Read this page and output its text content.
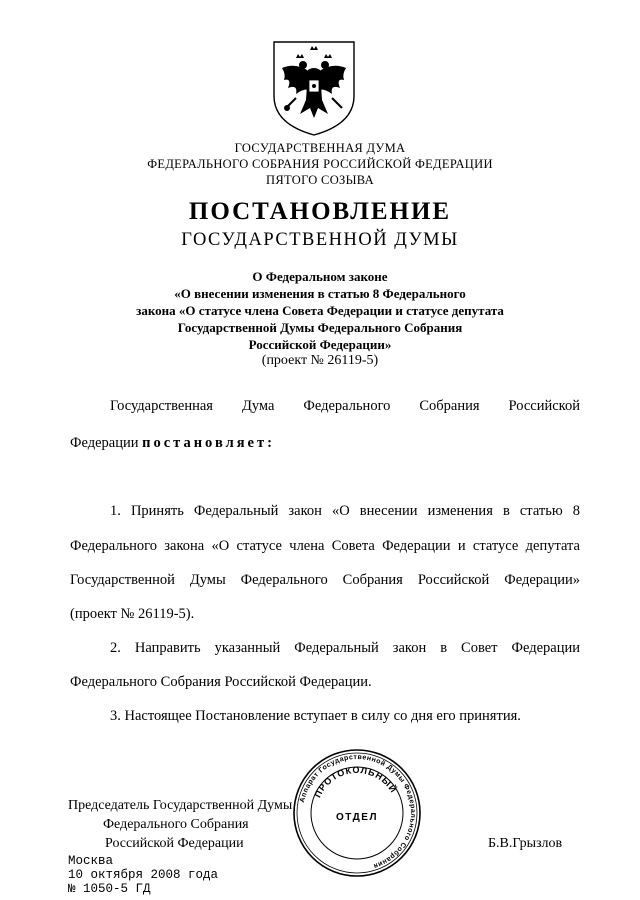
ГОСУДАРСТВЕННАЯ ДУМА
ФЕДЕРАЛЬНОГО СОБРАНИЯ РОССИЙСКОЙ ФЕДЕРАЦИИ
ПЯТОГО СОЗЫВА
ПОСТАНОВЛЕНИЕ
ГОСУДАРСТВЕННОЙ ДУМЫ
О Федеральном законе
«О внесении изменения в статью 8 Федерального
закона «О статусе члена Совета Федерации и статусе депутата
Государственной Думы Федерального Собрания
Российской Федерации»
(проект № 26119-5)
Государственная Дума Федерального Собрания Российской
Федерации постановляет:
1. Принять Федеральный закон «О внесении изменения в статью 8
Федерального закона «О статусе члена Совета Федерации и статусе депутата
Государственной Думы Федерального Собрания Российской Федерации»
(проект № 26119-5).
2. Направить указанный Федеральный закон в Совет Федерации
Федерального Собрания Российской Федерации.
3. Настоящее Постановление вступает в силу со дня его принятия.
Аппарат Государственной Думы Федерального Собрания
ПРОТОКОЛЬНЫЙ
ОТДЕЛ
Председатель Государственной Думы
Федерального Собрания
Российской Федерации	Б.В.Грызлов
Москва
10 октября 2008 года
№ 1050-5 ГД
